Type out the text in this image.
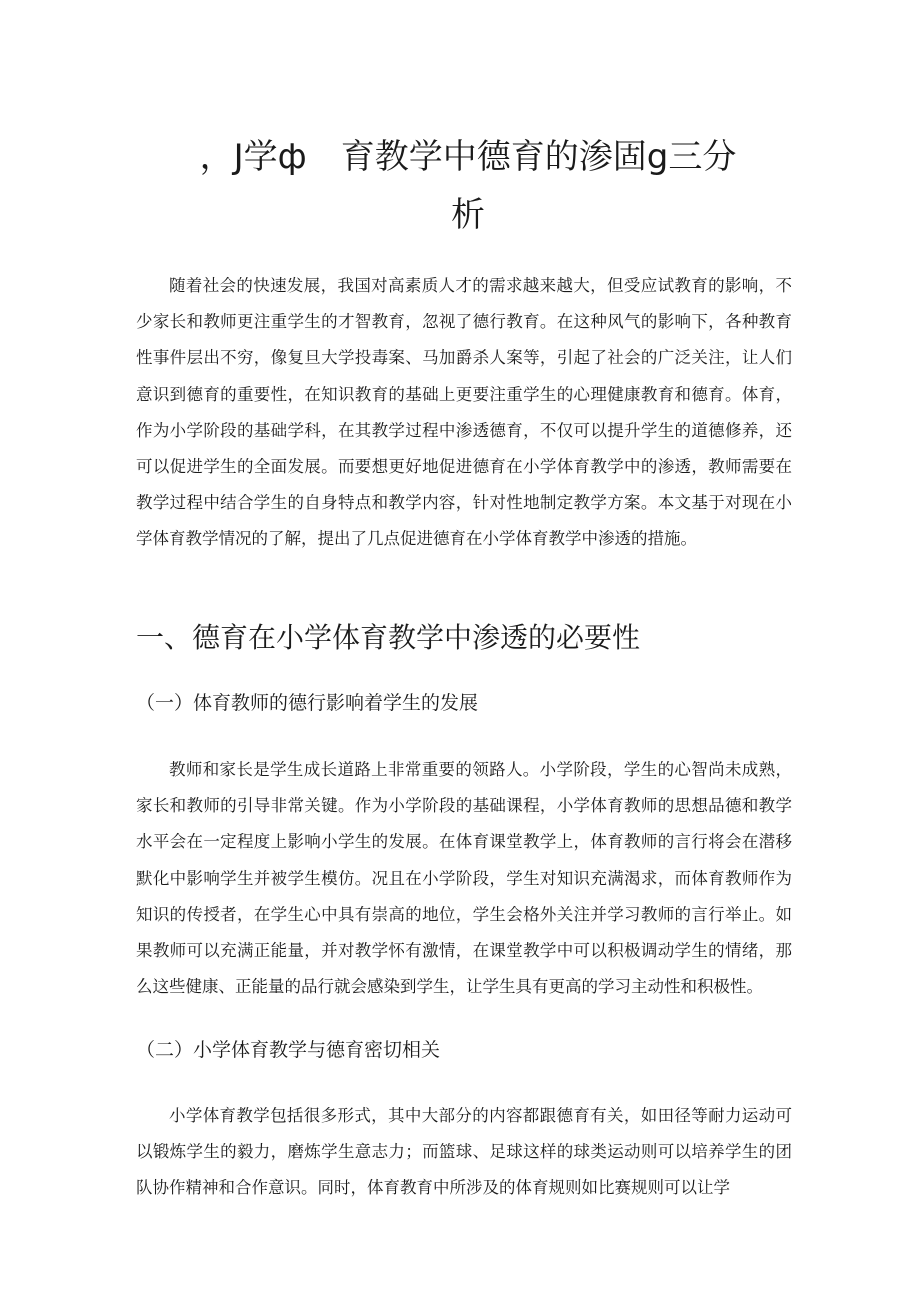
，J学ф　育教学中德育的渗固g三分
析

随着社会的快速发展，我国对高素质人才的需求越来越大，但受应试教育的影响，不少家长和教师更注重学生的才智教育，忽视了德行教育。在这种风气的影响下，各种教育性事件层出不穷，像复旦大学投毒案、马加爵杀人案等，引起了社会的广泛关注，让人们意识到德育的重要性，在知识教育的基础上更要注重学生的心理健康教育和德育。体育，作为小学阶段的基础学科，在其教学过程中渗透德育，不仅可以提升学生的道德修养，还可以促进学生的全面发展。而要想更好地促进德育在小学体育教学中的渗透，教师需要在教学过程中结合学生的自身特点和教学内容，针对性地制定教学方案。本文基于对现在小学体育教学情况的了解，提出了几点促进德育在小学体育教学中渗透的措施。

一、德育在小学体育教学中渗透的必要性
（一）体育教师的德行影响着学生的发展

教师和家长是学生成长道路上非常重要的领路人。小学阶段，学生的心智尚未成熟，家长和教师的引导非常关键。作为小学阶段的基础课程，小学体育教师的思想品德和教学水平会在一定程度上影响小学生的发展。在体育课堂教学上，体育教师的言行将会在潜移默化中影响学生并被学生模仿。况且在小学阶段，学生对知识充满渴求，而体育教师作为知识的传授者，在学生心中具有崇高的地位，学生会格外关注并学习教师的言行举止。如果教师可以充满正能量，并对教学怀有激情，在课堂教学中可以积极调动学生的情绪，那么这些健康、正能量的品行就会感染到学生，让学生具有更高的学习主动性和积极性。

（二）小学体育教学与德育密切相关

小学体育教学包括很多形式，其中大部分的内容都跟德育有关，如田径等耐力运动可以锻炼学生的毅力，磨炼学生意志力；而篮球、足球这样的球类运动则可以培养学生的团队协作精神和合作意识。同时，体育教育中所涉及的体育规则如比赛规则可以让学
